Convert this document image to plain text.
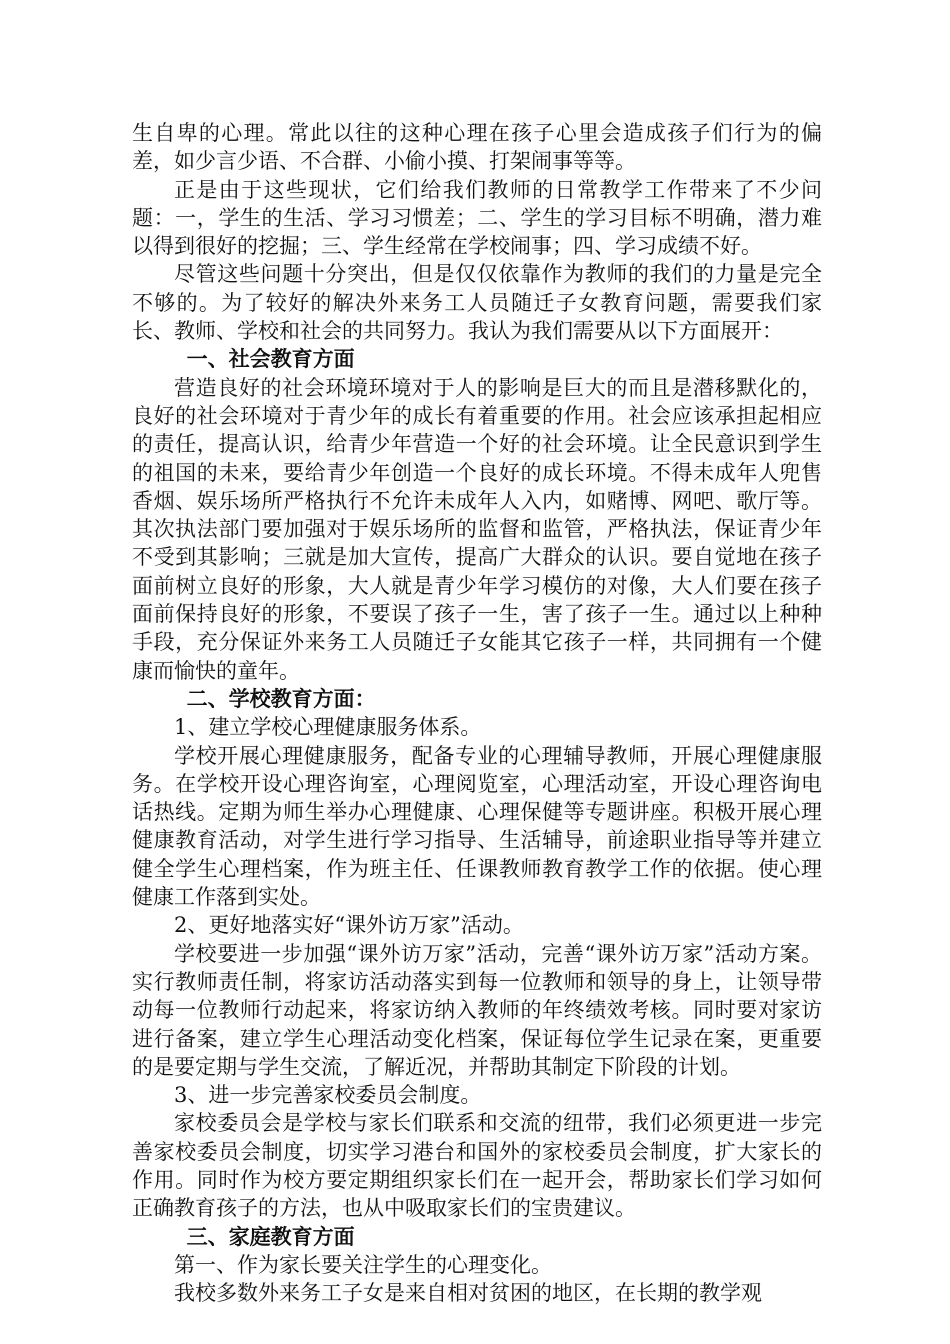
生自卑的心理。常此以往的这种心理在孩子心里会造成孩子们行为的偏差，如少言少语、不合群、小偷小摸、打架闹事等等。

正是由于这些现状，它们给我们教师的日常教学工作带来了不少问题：一，学生的生活、学习习惯差；二、学生的学习目标不明确，潜力难以得到很好的挖掘；三、学生经常在学校闹事；四、学习成绩不好。

尽管这些问题十分突出，但是仅仅依靠作为教师的我们的力量是完全不够的。为了较好的解决外来务工人员随迁子女教育问题，需要我们家长、教师、学校和社会的共同努力。我认为我们需要从以下方面展开：

一、社会教育方面

营造良好的社会环境环境对于人的影响是巨大的而且是潜移默化的，良好的社会环境对于青少年的成长有着重要的作用。社会应该承担起相应的责任，提高认识，给青少年营造一个好的社会环境。让全民意识到学生的祖国的未来，要给青少年创造一个良好的成长环境。不得未成年人兜售香烟、娱乐场所严格执行不允许未成年人入内，如赌博、网吧、歌厅等。其次执法部门要加强对于娱乐场所的监督和监管，严格执法，保证青少年不受到其影响；三就是加大宣传，提高广大群众的认识。要自觉地在孩子面前树立良好的形象，大人就是青少年学习模仿的对像，大人们要在孩子面前保持良好的形象，不要误了孩子一生，害了孩子一生。通过以上种种手段，充分保证外来务工人员随迁子女能其它孩子一样，共同拥有一个健康而愉快的童年。

二、学校教育方面：

1、建立学校心理健康服务体系。

学校开展心理健康服务，配备专业的心理辅导教师，开展心理健康服务。在学校开设心理咨询室，心理阅览室，心理活动室，开设心理咨询电话热线。定期为师生举办心理健康、心理保健等专题讲座。积极开展心理健康教育活动，对学生进行学习指导、生活辅导，前途职业指导等并建立健全学生心理档案，作为班主任、任课教师教育教学工作的依据。使心理健康工作落到实处。

2、更好地落实好“课外访万家”活动。

学校要进一步加强“课外访万家”活动，完善“课外访万家”活动方案。实行教师责任制，将家访活动落实到每一位教师和领导的身上，让领导带动每一位教师行动起来，将家访纳入教师的年终绩效考核。同时要对家访进行备案，建立学生心理活动变化档案，保证每位学生记录在案，更重要的是要定期与学生交流，了解近况，并帮助其制定下阶段的计划。

3、进一步完善家校委员会制度。

家校委员会是学校与家长们联系和交流的纽带，我们必须更进一步完善家校委员会制度，切实学习港台和国外的家校委员会制度，扩大家长的作用。同时作为校方要定期组织家长们在一起开会，帮助家长们学习如何正确教育孩子的方法，也从中吸取家长们的宝贵建议。

三、家庭教育方面

第一、作为家长要关注学生的心理变化。

我校多数外来务工子女是来自相对贫困的地区，在长期的教学观
